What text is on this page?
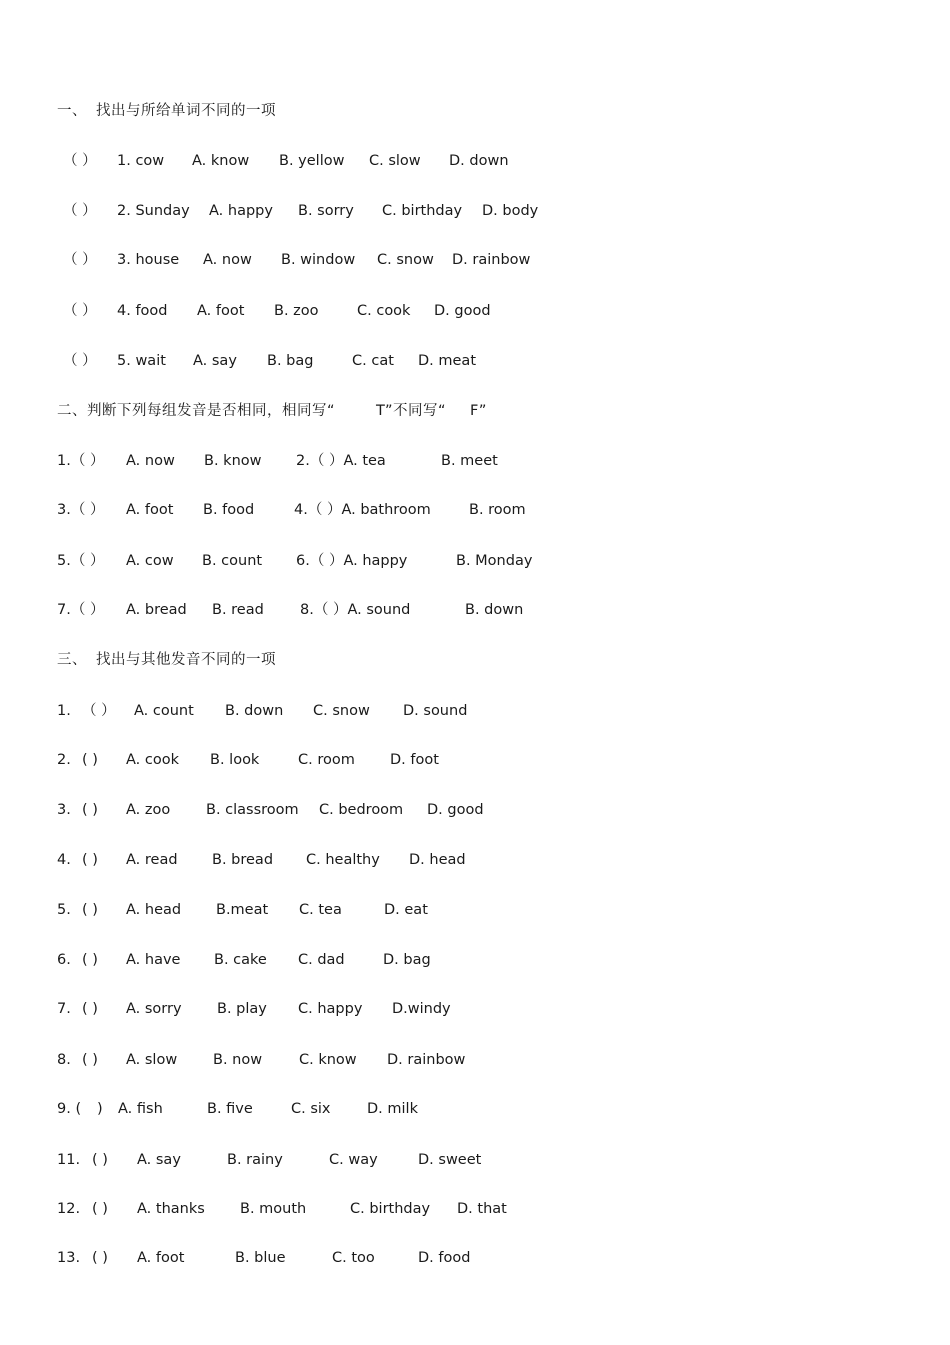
一、 找出与所给单词不同的一项
（ ） 1. cow A. know B. yellow C. slow D. down
（ ） 2. Sunday A. happy B. sorry C. birthday D. body
（ ） 3. house A. now B. window C. snow D. rainbow
（ ） 4. food A. foot B. zoo	C. cook D. good
（ ） 5. wait A. say B. bag	C. cat D. meat
二、判断下列每组发音是否相同，相同写“	T”不同写“ F”
1.（ ） A. now B. know 2.（ ）A. tea	B. meet
3.（ ） A. foot B. food	4.（ ）A. bathroom	B. room
5.（ ） A. cow B. count 6.（ ）A. happy	B. Monday
7.（ ） A. bread B. read 8.（ ）A. sound	B. down
三、 找出与其他发音不同的一项
1. （ ） A. count B. down C. snow D. sound
2. ( ) A. cook B. look	C. room D. foot
3. ( ) A. zoo B. classroom C. bedroom D. good
4. ( ) A. read B. bread C. healthy D. head
5. ( ) A. head B.meat C. tea	D. eat
6. ( ) A. have B. cake C. dad	D. bag
7. ( ) A. sorry B. play C. happy D.windy
8. ( ) A. slow B. now	C. know D. rainbow
9. ( ) A. fish	B. five	C. six	D. milk
11. ( ) A. say	B. rainy	C. way	D. sweet
12. ( ) A. thanks B. mouth	C. birthday D. that
13. ( ) A. foot	B. blue	C. too	D. food
